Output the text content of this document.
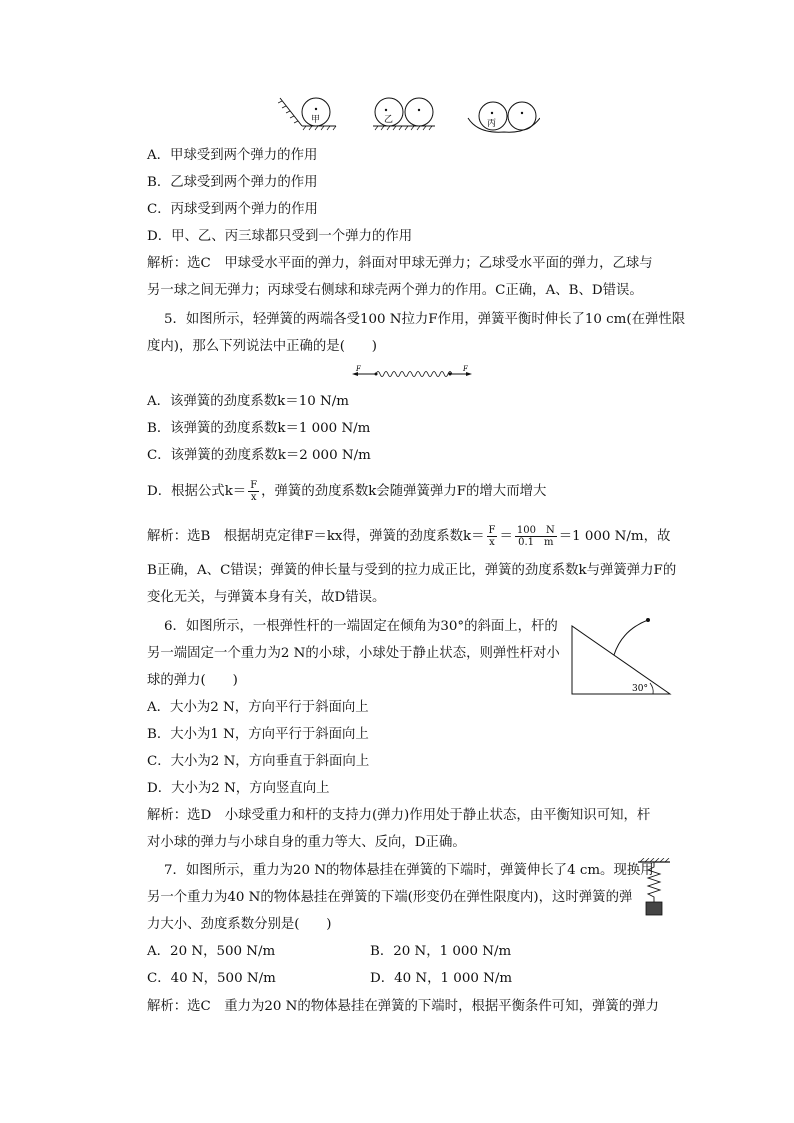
甲	乙	丙
A．甲球受到两个弹力的作用
B．乙球受到两个弹力的作用
C．丙球受到两个弹力的作用
D．甲、乙、丙三球都只受到一个弹力的作用
解析：选C　甲球受水平面的弹力，斜面对甲球无弹力；乙球受水平面的弹力，乙球与
另一球之间无弹力；丙球受右侧球和球壳两个弹力的作用。C正确，A、B、D错误。
5．如图所示，轻弹簧的两端各受100 N拉力F作用，弹簧平衡时伸长了10 cm(在弹性限
度内)，那么下列说法中正确的是(　　)
F	F
A．该弹簧的劲度系数k＝10 N/m
B．该弹簧的劲度系数k＝1 000 N/m
C．该弹簧的劲度系数k＝2 000 N/m
D．根据公式$k= \frac{F}{x}$ ，弹簧的劲度系数k会随弹簧弹力F的增大而增大
解析：选B　根据胡克定律F＝kx得，弹簧的劲度系数$k= \frac{F}{x} = \frac{100 N}{0.1 m} =1$ 000 N/m，故
B正确，A、C错误；弹簧的伸长量与受到的拉力成正比，弹簧的劲度系数k与弹簧弹力F的
变化无关，与弹簧本身有关，故D错误。
6．如图所示，一根弹性杆的一端固定在倾角为30°的斜面上，杆的
另一端固定一个重力为2 N的小球，小球处于静止状态，则弹性杆对小
球的弹力(　　)
30°
A．大小为2 N，方向平行于斜面向上
B．大小为1 N，方向平行于斜面向上
C．大小为2 N，方向垂直于斜面向上
D．大小为2 N，方向竖直向上
解析：选D　小球受重力和杆的支持力(弹力)作用处于静止状态，由平衡知识可知，杆
对小球的弹力与小球自身的重力等大、反向，D正确。
7．如图所示，重力为20 N的物体悬挂在弹簧的下端时，弹簧伸长了4 cm。现换用
另一个重力为40 N的物体悬挂在弹簧的下端(形变仍在弹性限度内)，这时弹簧的弹
力大小、劲度系数分别是(　　)
A．20 N，500 N/m	B．20 N，1 000 N/m
C．40 N，500 N/m	D．40 N，1 000 N/m
解析：选C　重力为20 N的物体悬挂在弹簧的下端时，根据平衡条件可知，弹簧的弹力
